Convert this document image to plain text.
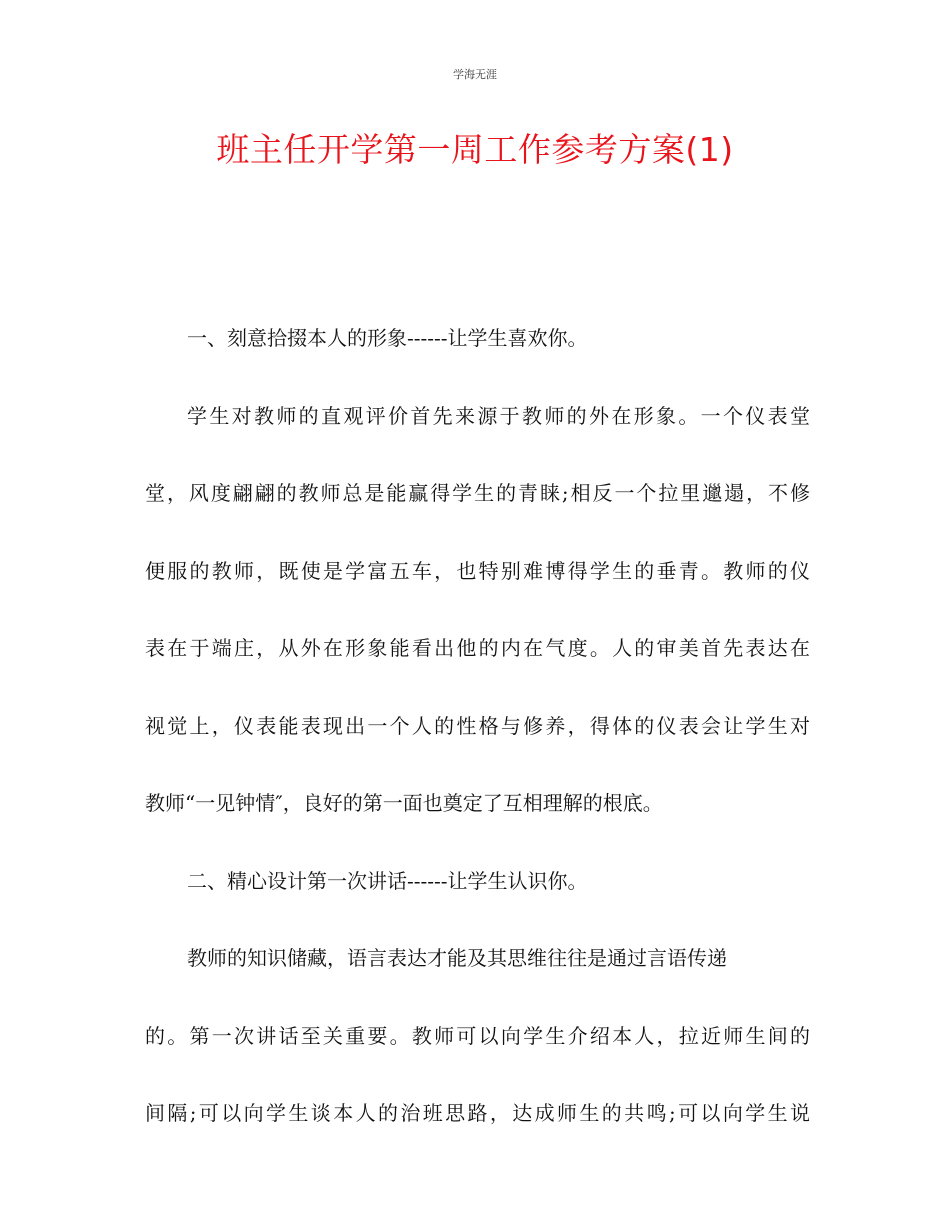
学海无涯
班主任开学第一周工作参考方案(1)
一、刻意拾掇本人的形象------让学生喜欢你。
学生对教师的直观评价首先来源于教师的外在形象。一个仪表堂
堂，风度翩翩的教师总是能赢得学生的青睐;相反一个拉里邋遢，不修
便服的教师，既使是学富五车，也特别难博得学生的垂青。教师的仪
表在于端庄，从外在形象能看出他的内在气度。人的审美首先表达在
视觉上，仪表能表现出一个人的性格与修养，得体的仪表会让学生对
教师“一见钟情″，良好的第一面也奠定了互相理解的根底。
二、精心设计第一次讲话------让学生认识你。
教师的知识储藏，语言表达才能及其思维往往是通过言语传递
的。第一次讲话至关重要。教师可以向学生介绍本人，拉近师生间的
间隔;可以向学生谈本人的治班思路，达成师生的共鸣;可以向学生说
